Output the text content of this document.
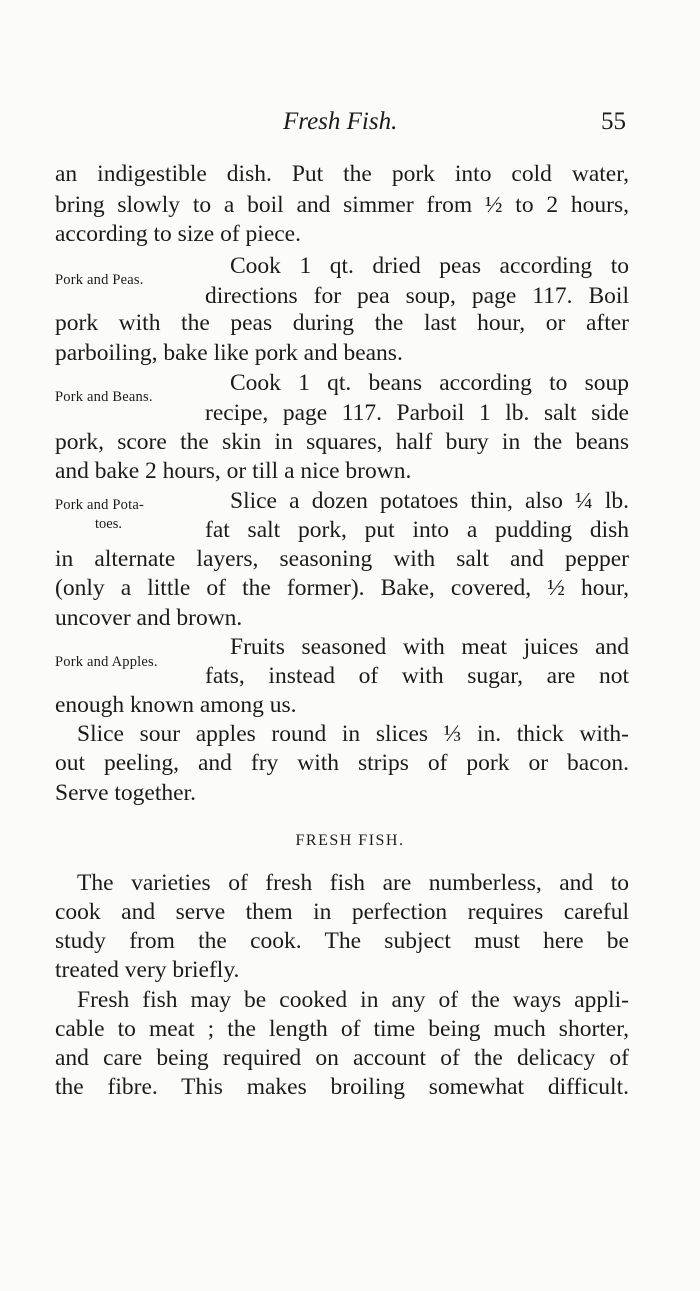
Fresh Fish.	55
an indigestible dish. Put the pork into cold water,
bring slowly to a boil and simmer from ½ to 2 hours,
according to size of piece.
Pork and Peas.
Cook 1 qt. dried peas according to
directions for pea soup, page 117. Boil
pork with the peas during the last hour, or after
parboiling, bake like pork and beans.
Pork and Beans.
Cook 1 qt. beans according to soup
recipe, page 117. Parboil 1 lb. salt side
pork, score the skin in squares, half bury in the beans
and bake 2 hours, or till a nice brown.
Pork and Pota-
toes.
Slice a dozen potatoes thin, also ¼ lb.
fat salt pork, put into a pudding dish
in alternate layers, seasoning with salt and pepper
(only a little of the former). Bake, covered, ½ hour,
uncover and brown.
Pork and Apples.
Fruits seasoned with meat juices and
fats, instead of with sugar, are not
enough known among us.
Slice sour apples round in slices ⅓ in. thick with-
out peeling, and fry with strips of pork or bacon.
Serve together.
FRESH FISH.
The varieties of fresh fish are numberless, and to
cook and serve them in perfection requires careful
study from the cook. The subject must here be
treated very briefly.
Fresh fish may be cooked in any of the ways appli-
cable to meat ; the length of time being much shorter,
and care being required on account of the delicacy of
the fibre. This makes broiling somewhat difficult.
